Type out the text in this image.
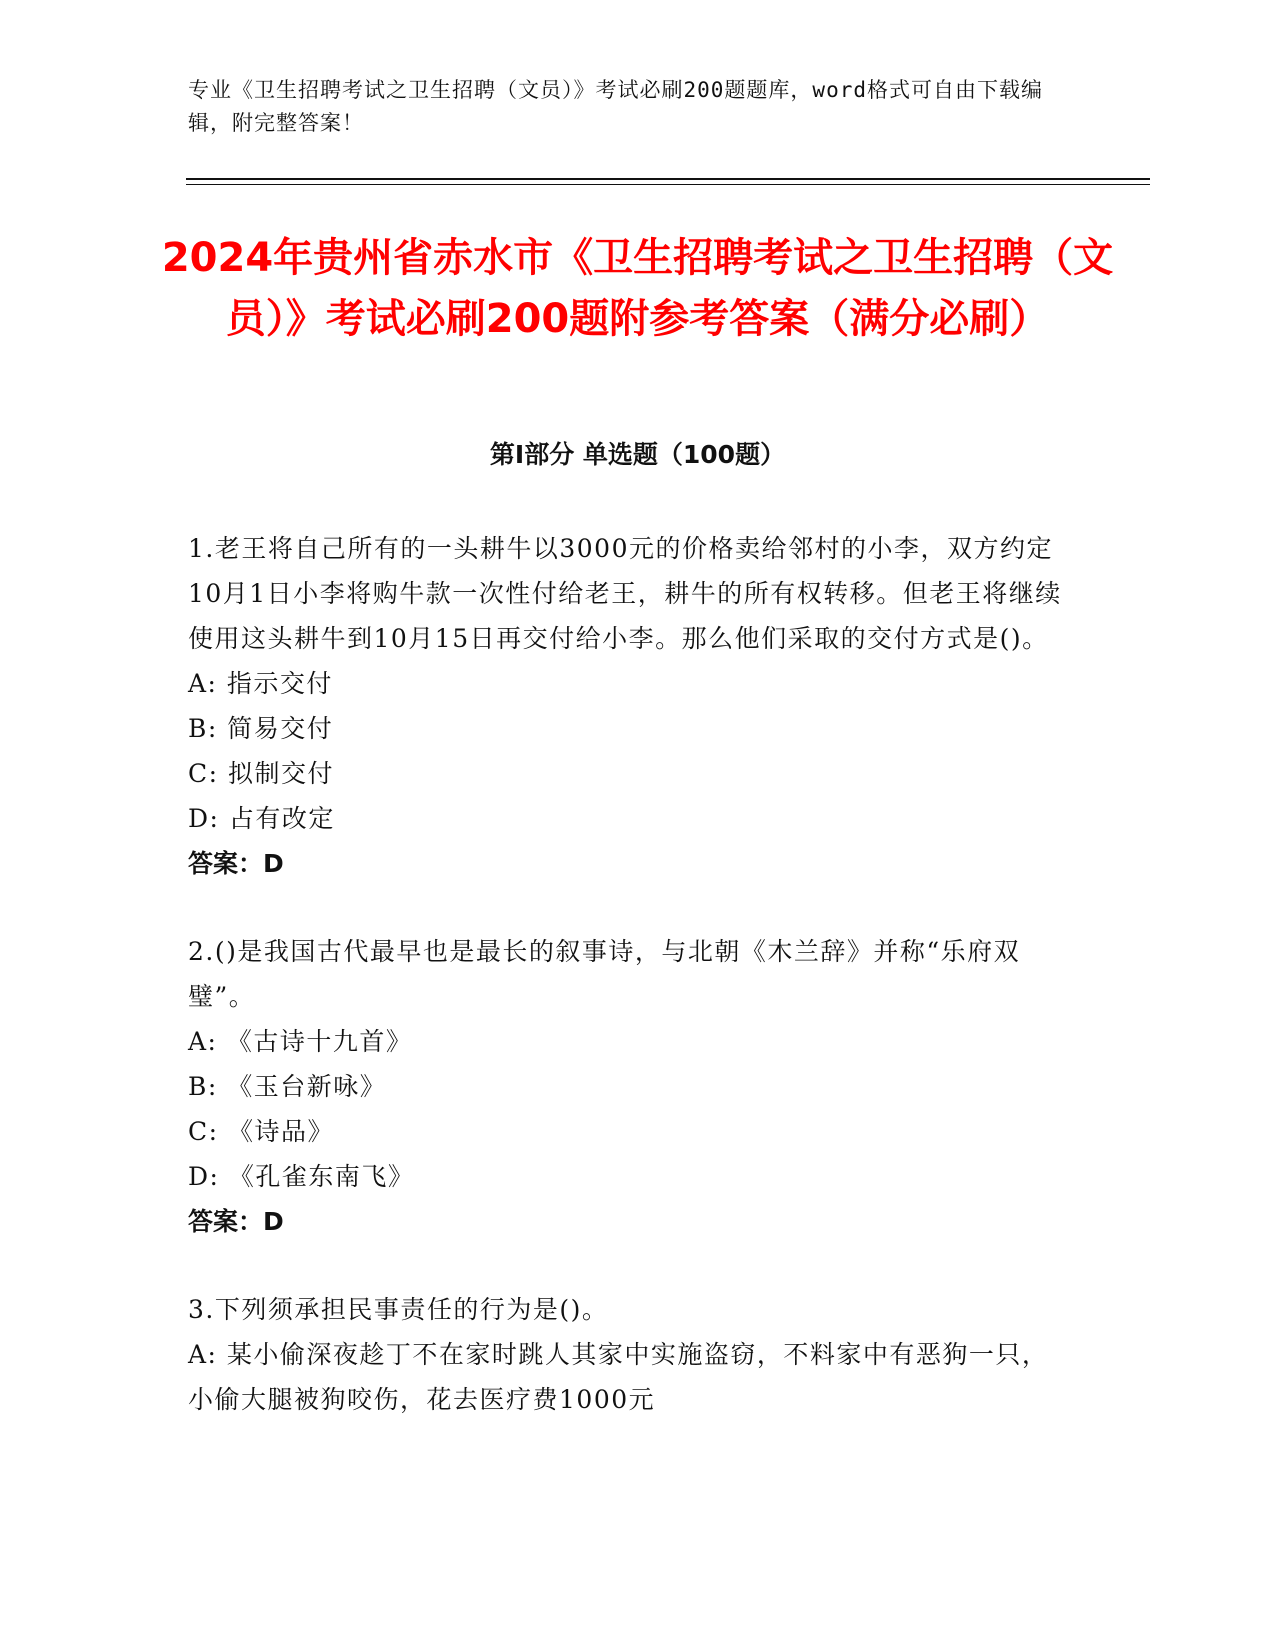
专业《卫生招聘考试之卫生招聘（文员）》考试必刷200题题库，word格式可自由下载编辑，附完整答案！
2024年贵州省赤水市《卫生招聘考试之卫生招聘（文员）》考试必刷200题附参考答案（满分必刷）
第Ⅰ部分 单选题（100题）
1.老王将自己所有的一头耕牛以3000元的价格卖给邻村的小李，双方约定10月1日小李将购牛款一次性付给老王，耕牛的所有权转移。但老王将继续使用这头耕牛到10月15日再交付给小李。那么他们采取的交付方式是()。
A: 指示交付
B: 简易交付
C: 拟制交付
D: 占有改定
答案：D
2.()是我国古代最早也是最长的叙事诗，与北朝《木兰辞》并称“乐府双璧”。
A: 《古诗十九首》
B: 《玉台新咏》
C: 《诗品》
D: 《孔雀东南飞》
答案：D
3.下列须承担民事责任的行为是()。
A: 某小偷深夜趁丁不在家时跳人其家中实施盗窃，不料家中有恶狗一只，小偷大腿被狗咬伤，花去医疗费1000元
